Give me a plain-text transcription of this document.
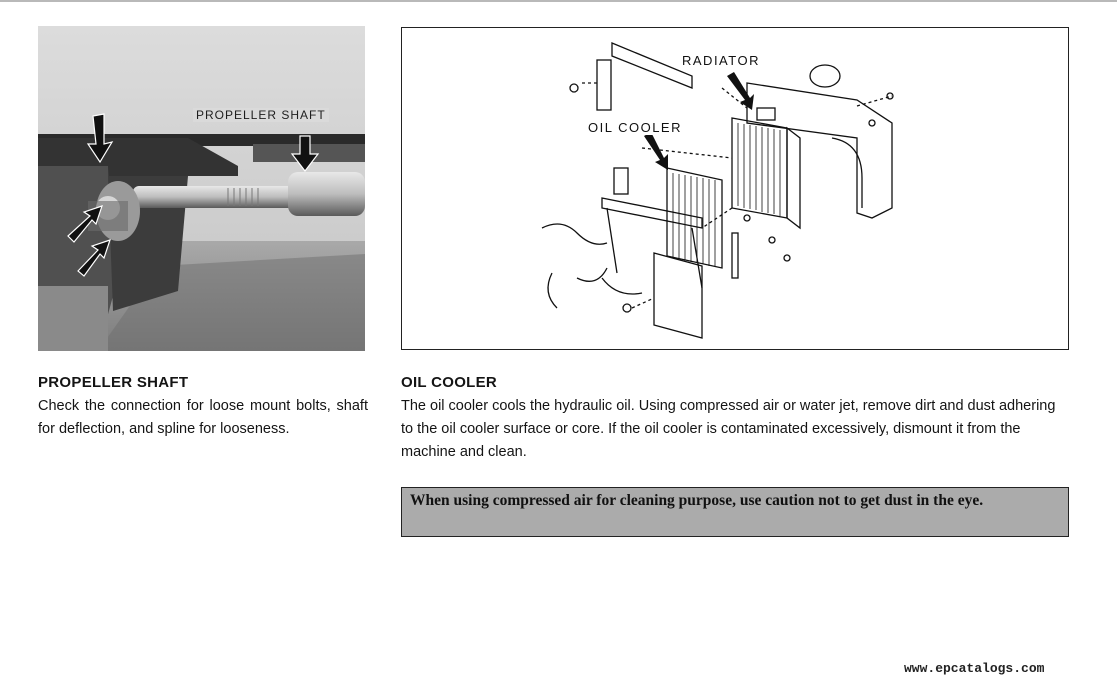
PROPELLER SHAFT
RADIATOR
OIL COOLER
PROPELLER SHAFT
Check the connection for loose mount bolts, shaft for deflection, and spline for looseness.
OIL COOLER
The oil cooler cools the hydraulic oil. Using compressed air or water jet, remove dirt and dust adhering to the oil cooler surface or core. If the oil cooler is contaminated excessively, dismount it from the machine and clean.
When using compressed air for cleaning purpose, use caution not to get dust in the eye.
www.epcatalogs.com
